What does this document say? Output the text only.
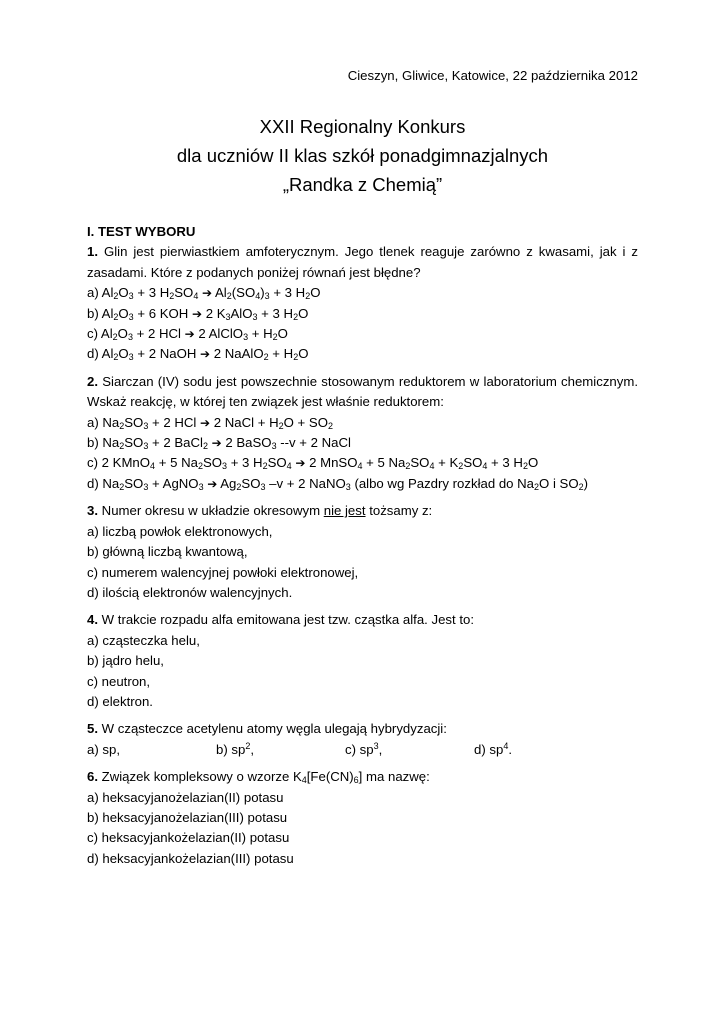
Cieszyn, Gliwice, Katowice, 22 października 2012
XXII Regionalny Konkurs
dla uczniów II klas szkół ponadgimnazjalnych
„Randka z Chemią”
I. TEST WYBORU
1. Glin jest pierwiastkiem amfoterycznym. Jego tlenek reaguje zarówno z kwasami, jak i z zasadami. Które z podanych poniżej równań jest błędne?
a) $Al_2O_3 + 3$ $H_2SO_4$ ➔ $Al_2(SO_4)_3 + 3$ $H_2O$
b) $Al_2O_3 + 6$ KOH ➔ 2 $K_3AlO_3 + 3$ $H_2O$
c) $Al_2O_3 + 2$ HCl ➔ 2 AlClO$_3$ + $H_2O$
d) $Al_2O_3 + 2$ NaOH ➔ 2 NaAlO$_2$ + $H_2O$
2. Siarczan (IV) sodu jest powszechnie stosowanym reduktorem w laboratorium chemicznym. Wskaż reakcję, w której ten związek jest właśnie reduktorem:
a) $Na_2SO_3 + 2$ HCl ➔ 2 NaCl + $H_2O + SO_2$
b) $Na_2SO_3 + 2$ BaCl$_2$ ➔ 2 BaSO$_3$ --v + 2 NaCl
c) 2 KMnO$_4$ + 5 $Na_2SO_3 + 3$ $H_2SO_4$ ➔ 2 MnSO$_4$ + 5 $Na_2SO_4 + K_2SO_4 + 3$ $H_2O$
d) $Na_2SO_3$ + AgNO$_3$ ➔ $Ag_2SO_3$ –v + 2 NaNO$_3$ (albo wg Pazdry rozkład do $Na_2O$ i $SO_2$)
3. Numer okresu w układzie okresowym nie jest tożsamy z:
a) liczbą powłok elektronowych,
b) główną liczbą kwantową,
c) numerem walencyjnej powłoki elektronowej,
d) ilością elektronów walencyjnych.
4. W trakcie rozpadu alfa emitowana jest tzw. cząstka alfa. Jest to:
a) cząsteczka helu,
b) jądro helu,
c) neutron,
d) elektron.
5. W cząsteczce acetylenu atomy węgla ulegają hybrydyzacji:
a) sp,	b) $sp^2$,	c) $sp^3$,	d) $sp^4$.
6. Związek kompleksowy o wzorze $K_4[Fe(CN)_6]$ ma nazwę:
a) heksacyjanożelazian(II) potasu
b) heksacyjanożelazian(III) potasu
c) heksacyjankożelazian(II) potasu
d) heksacyjankożelazian(III) potasu
